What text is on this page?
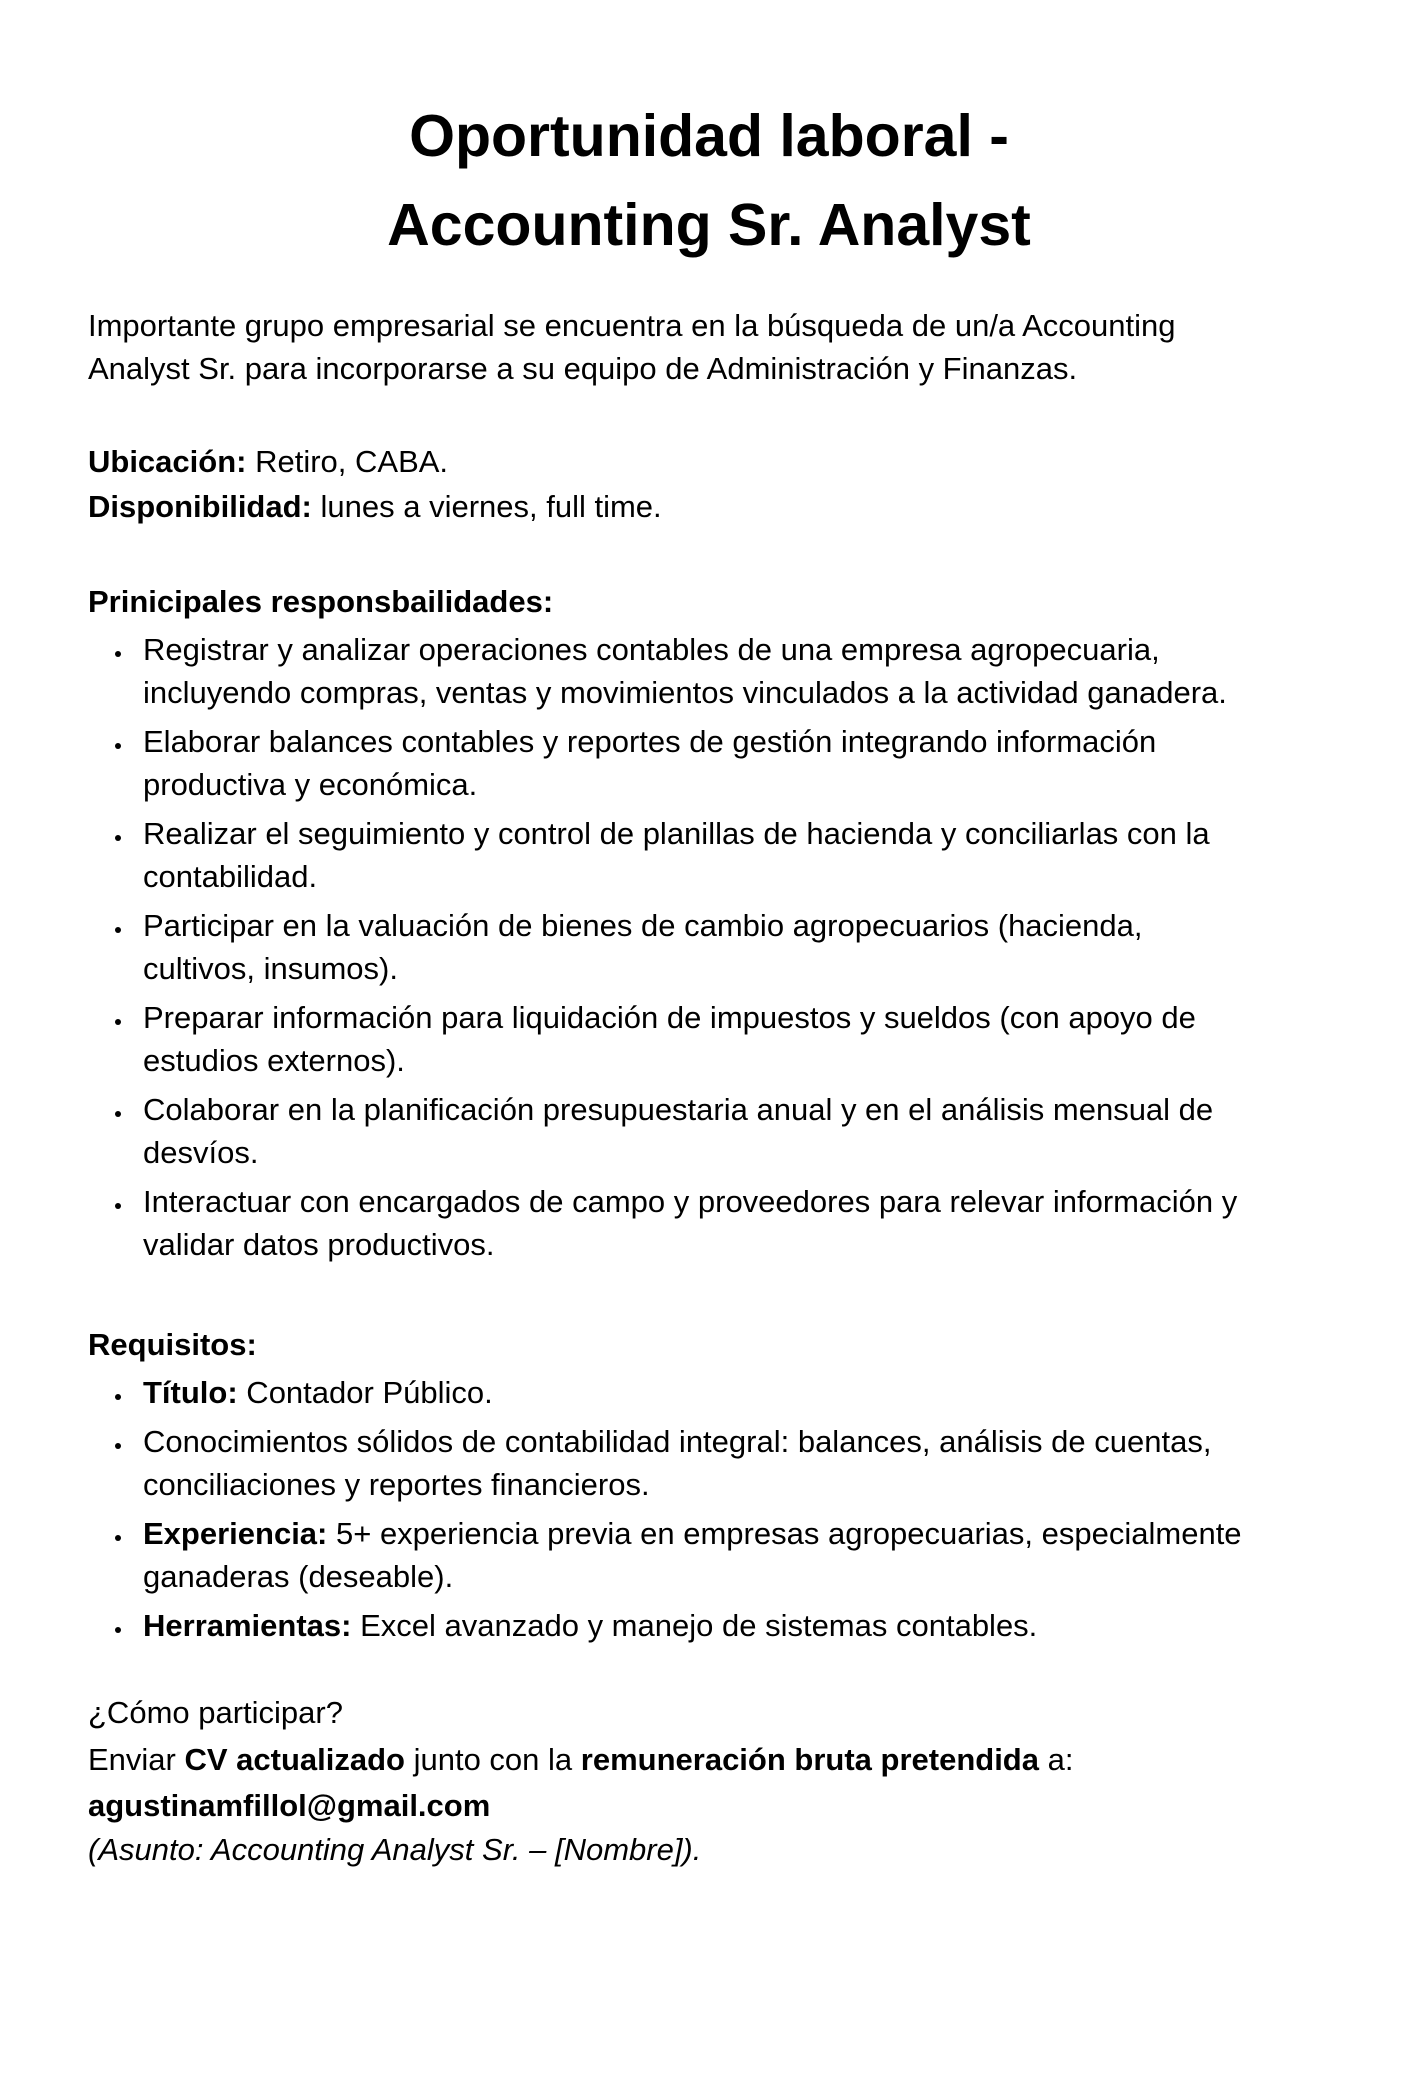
Oportunidad laboral -
Accounting Sr. Analyst

Importante grupo empresarial se encuentra en la búsqueda de un/a Accounting
Analyst Sr. para incorporarse a su equipo de Administración y Finanzas.

Ubicación: Retiro, CABA.
Disponibilidad: lunes a viernes, full time.
Prinicipales responsbailidades:
Registrar y analizar operaciones contables de una empresa agropecuaria,
incluyendo compras, ventas y movimientos vinculados a la actividad ganadera.
Elaborar balances contables y reportes de gestión integrando información
productiva y económica.
Realizar el seguimiento y control de planillas de hacienda y conciliarlas con la
contabilidad.
Participar en la valuación de bienes de cambio agropecuarios (hacienda,
cultivos, insumos).
Preparar información para liquidación de impuestos y sueldos (con apoyo de
estudios externos).
Colaborar en la planificación presupuestaria anual y en el análisis mensual de
desvíos.
Interactuar con encargados de campo y proveedores para relevar información y
validar datos productivos.
Requisitos:
Título: Contador Público.
Conocimientos sólidos de contabilidad integral: balances, análisis de cuentas,
conciliaciones y reportes financieros.
Experiencia: 5+ experiencia previa en empresas agropecuarias, especialmente
ganaderas (deseable).
Herramientas: Excel avanzado y manejo de sistemas contables.

¿Cómo participar?

Enviar CV actualizado junto con la remuneración bruta pretendida a:

agustinamfillol@gmail.com

(Asunto: Accounting Analyst Sr. – [Nombre]).
